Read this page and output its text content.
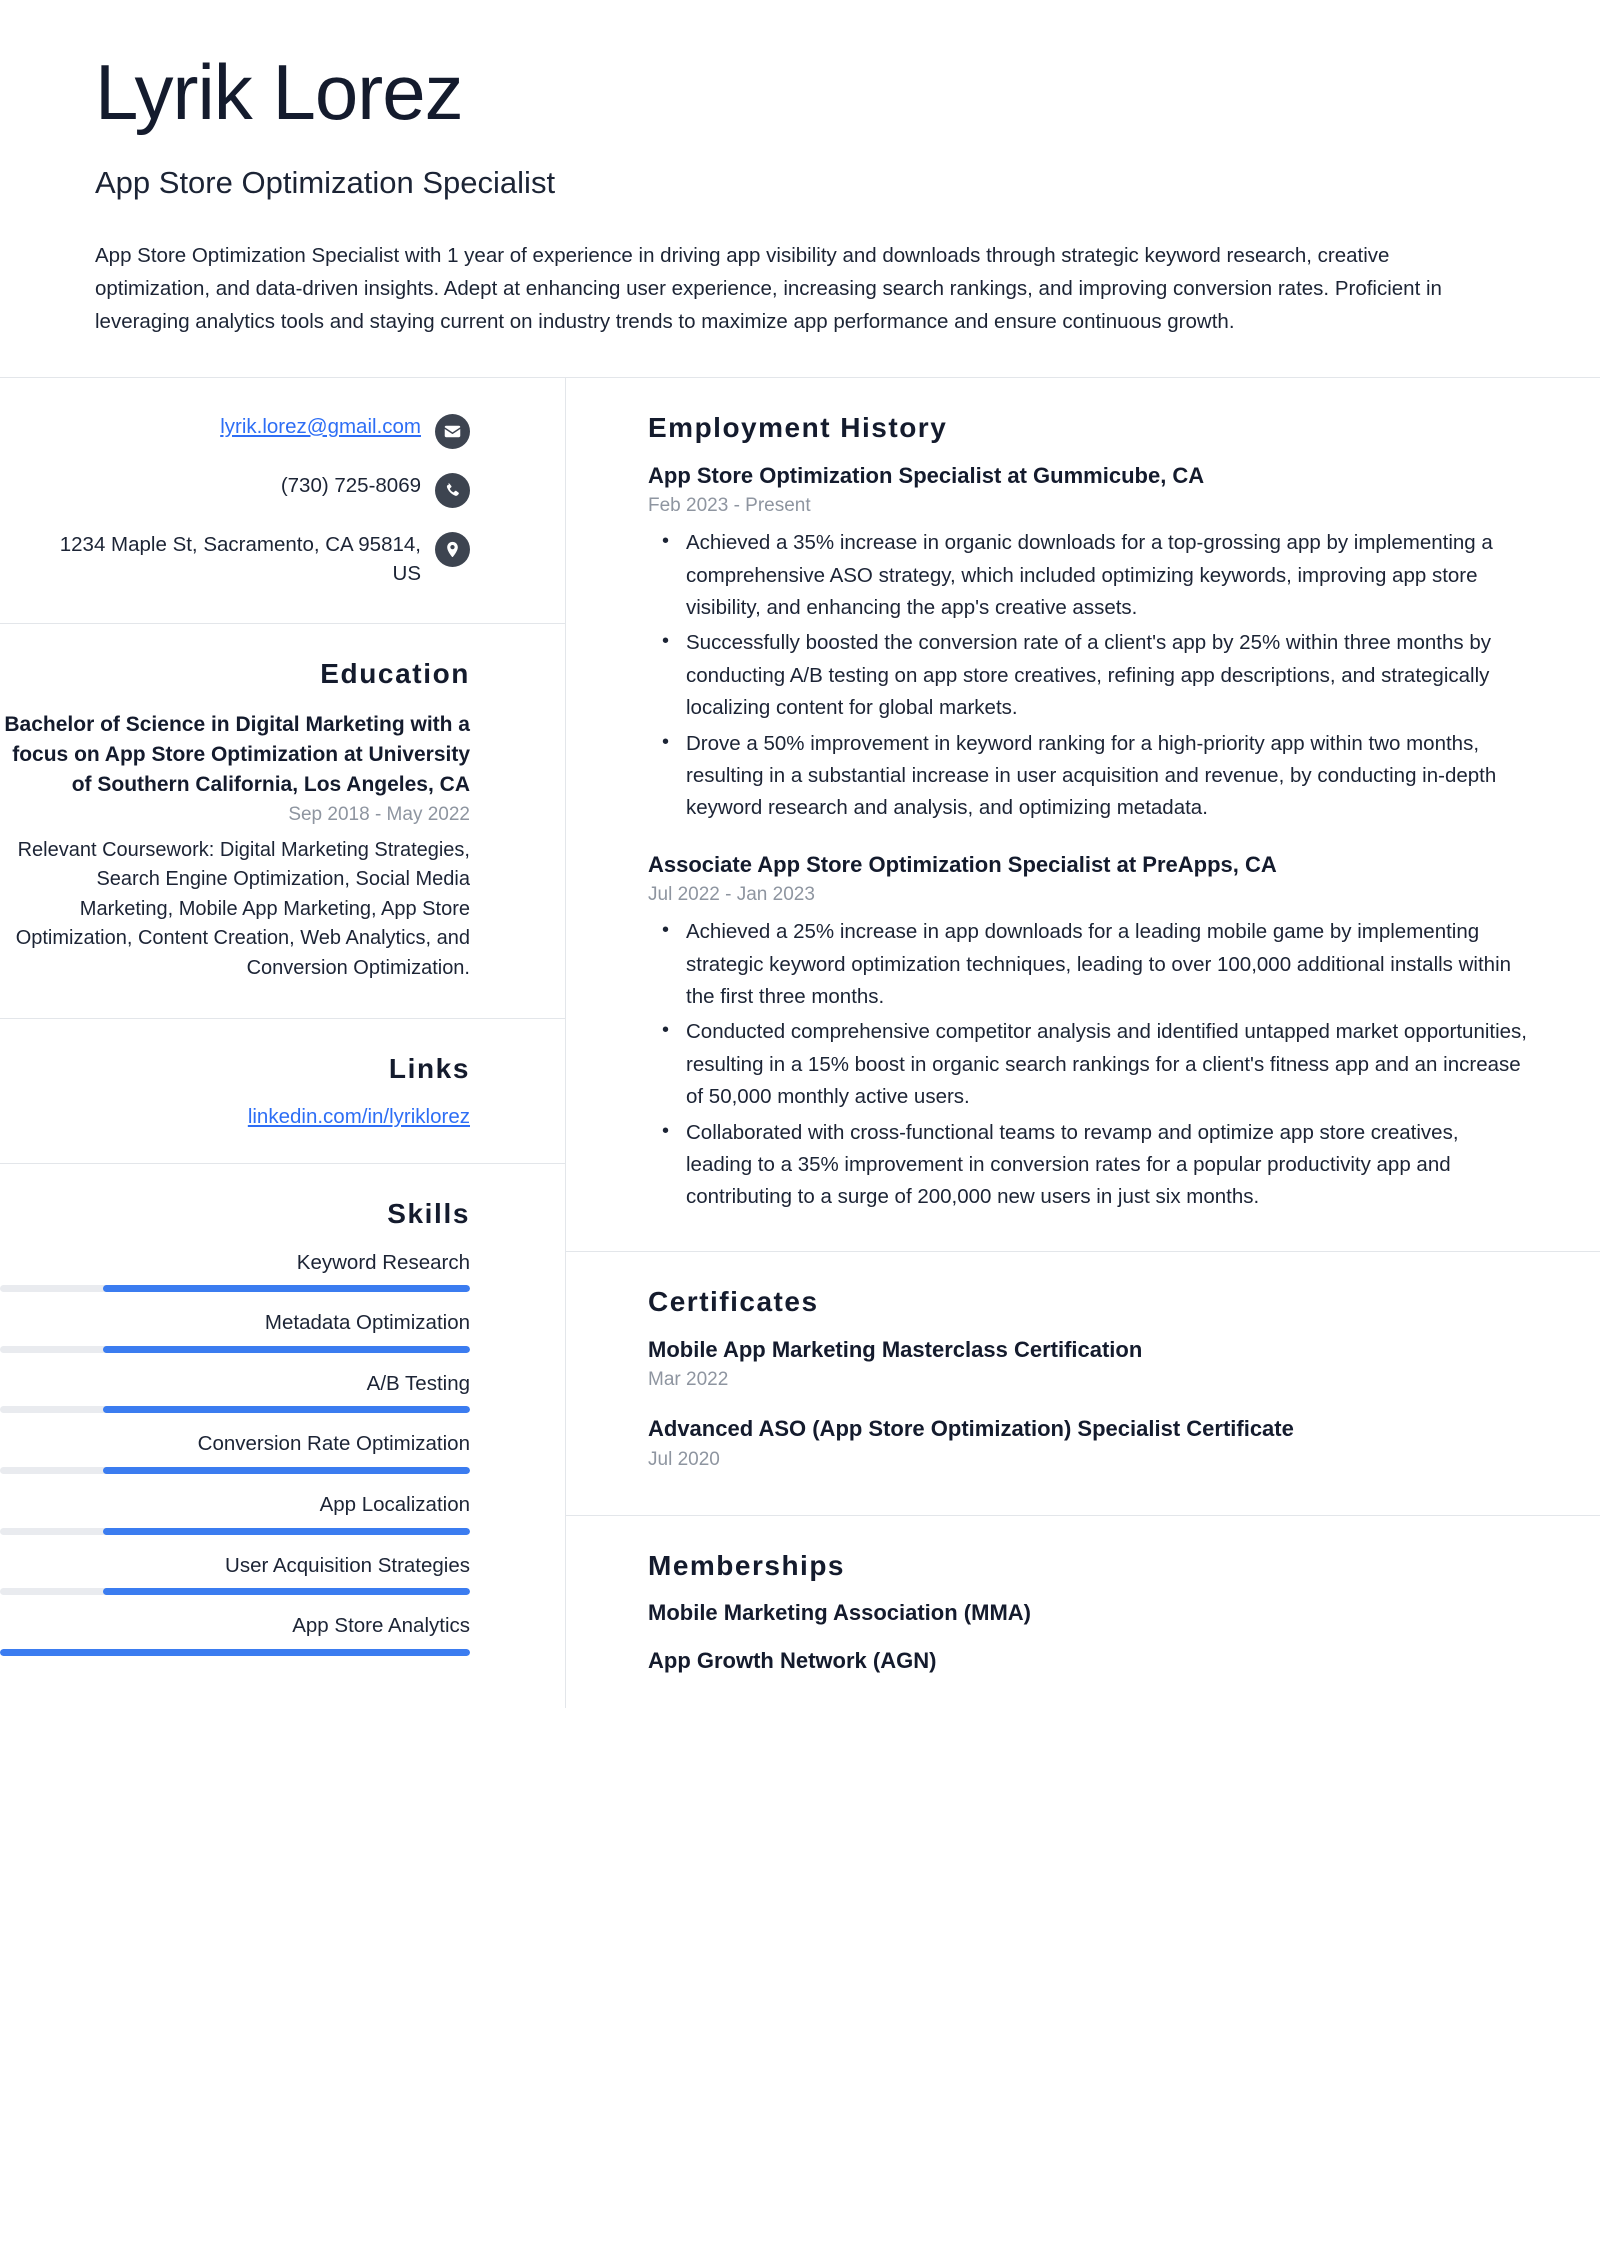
Lyrik Lorez
App Store Optimization Specialist

App Store Optimization Specialist with 1 year of experience in driving app visibility and downloads through strategic keyword research, creative optimization, and data-driven insights. Adept at enhancing user experience, increasing search rankings, and improving conversion rates. Proficient in leveraging analytics tools and staying current on industry trends to maximize app performance and ensure continuous growth.

lyrik.lorez@gmail.com
(730) 725-8069
1234 Maple St, Sacramento, CA 95814, US
Education
Bachelor of Science in Digital Marketing with a focus on App Store Optimization at University of Southern California, Los Angeles, CA
Sep 2018 - May 2022

Relevant Coursework: Digital Marketing Strategies, Search Engine Optimization, Social Media Marketing, Mobile App Marketing, App Store Optimization, Content Creation, Web Analytics, and Conversion Optimization.

Links

linkedin.com/in/lyriklorez

Skills
Keyword Research
Metadata Optimization
A/B Testing
Conversion Rate Optimization
App Localization
User Acquisition Strategies
App Store Analytics
Employment History
App Store Optimization Specialist at Gummicube, CA
Feb 2023 - Present
• Achieved a 35% increase in organic downloads for a top-grossing app by implementing a comprehensive ASO strategy, which included optimizing keywords, improving app store visibility, and enhancing the app's creative assets.
• Successfully boosted the conversion rate of a client's app by 25% within three months by conducting A/B testing on app store creatives, refining app descriptions, and strategically localizing content for global markets.
• Drove a 50% improvement in keyword ranking for a high-priority app within two months, resulting in a substantial increase in user acquisition and revenue, by conducting in-depth keyword research and analysis, and optimizing metadata.
Associate App Store Optimization Specialist at PreApps, CA
Jul 2022 - Jan 2023
• Achieved a 25% increase in app downloads for a leading mobile game by implementing strategic keyword optimization techniques, leading to over 100,000 additional installs within the first three months.
• Conducted comprehensive competitor analysis and identified untapped market opportunities, resulting in a 15% boost in organic search rankings for a client's fitness app and an increase of 50,000 monthly active users.
• Collaborated with cross-functional teams to revamp and optimize app store creatives, leading to a 35% improvement in conversion rates for a popular productivity app and contributing to a surge of 200,000 new users in just six months.
Certificates
Mobile App Marketing Masterclass Certification
Mar 2022
Advanced ASO (App Store Optimization) Specialist Certificate
Jul 2020
Memberships
Mobile Marketing Association (MMA)
App Growth Network (AGN)
